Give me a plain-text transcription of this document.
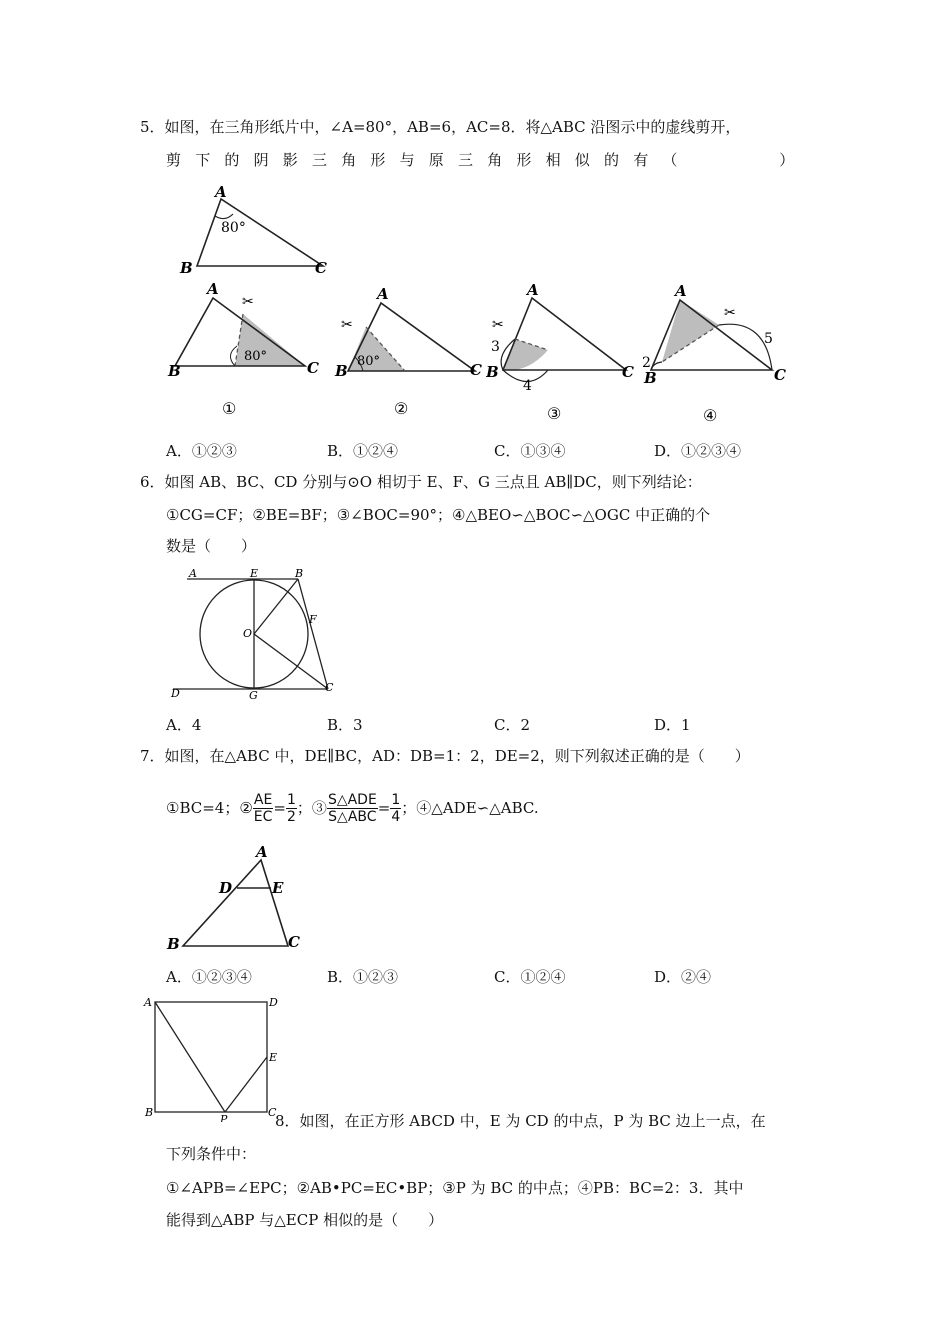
5．如图，在三角形纸片中，∠A=80°，AB=6，AC=8．将△ABC 沿图示中的虚线剪开，
剪下的阴影三角形与原三角形相似的有（　　　）
A
B	C
80°
✂
A
B	C
80°
①
✂
A
B	C
80°
②
✂
A
B	C
3
4
③
✂
A
B	C
2
5
④
A．①②③	B．①②④	C．①③④	D．①②③④
6．如图 AB、BC、CD 分别与⊙O 相切于 E、F、G 三点且 AB∥DC，则下列结论：
①CG=CF；②BE=BF；③∠BOC=90°；④△BEO∽△BOC∽△OGC 中正确的个
数是（　　）
A	E	B
O
F
D	G
C
A．4	B．3	C．2	D．1
7．如图，在△ABC 中，DE∥BC，AD：DB=1：2，DE=2，则下列叙述正确的是（　　）
①BC=4；② $\frac{AE}{EC} = \frac{1}{2}$ ；③ $\frac{\text{S△ADE}}{\text{S△ABC}} = \frac{1}{4}$ ；④△ADE∽△ABC.
A
D	E
B	C
A．①②③④	B．①②③	C．①②④	D．②④
A	D
E
B
P
C
8．如图，在正方形 ABCD 中，E 为 CD 的中点，P 为 BC 边上一点，在
下列条件中：
①∠APB=∠EPC；②AB•PC=EC•BP；③P 为 BC 的中点；④PB：BC=2：3．其中
能得到△ABP 与△ECP 相似的是（　　）
